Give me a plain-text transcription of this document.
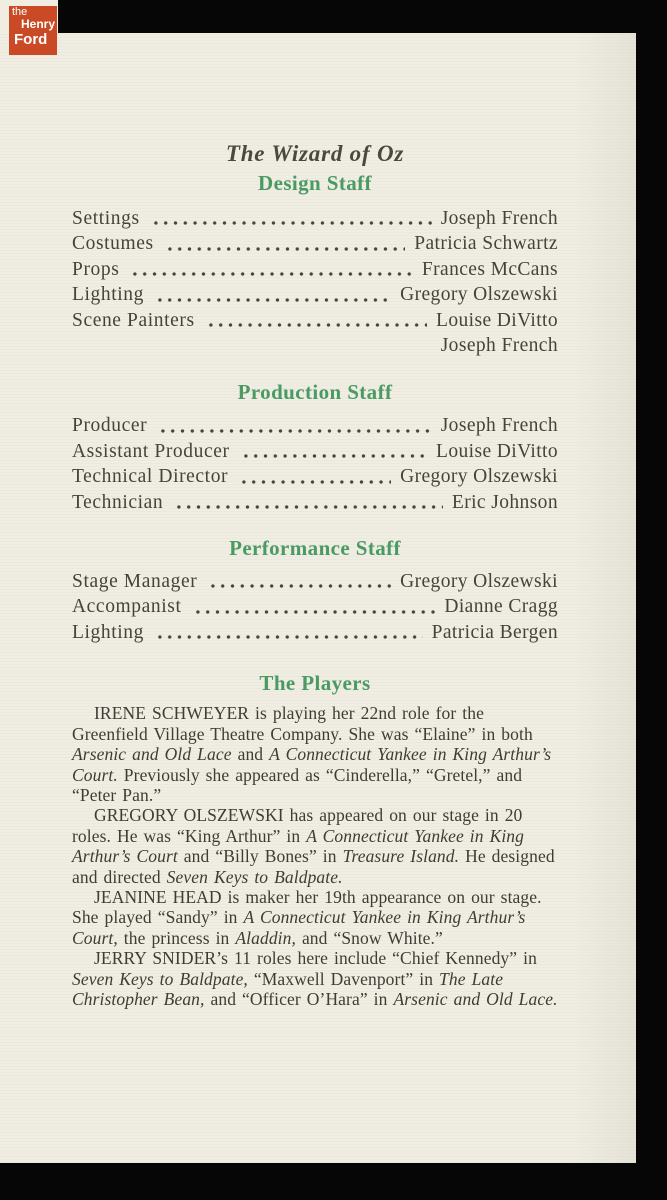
The Wizard of Oz
Design Staff
Settings	Joseph French
Costumes	Patricia Schwartz
Props	Frances McCans
Lighting	Gregory Olszewski
Scene Painters	Louise DiVitto
Joseph French
Production Staff
Producer	Joseph French
Assistant Producer	Louise DiVitto
Technical Director	Gregory Olszewski
Technician	Eric Johnson
Performance Staff
Stage Manager	Gregory Olszewski
Accompanist	Dianne Cragg
Lighting	Patricia Bergen
The Players

IRENE SCHWEYER is playing her 22nd role for the Greenfield Village Theatre Company. She was “Elaine” in both Arsenic and Old Lace and A Connecticut Yankee in King Arthur’s Court. Previously she appeared as “Cinderella,” “Gretel,” and “Peter Pan.”

GREGORY OLSZEWSKI has appeared on our stage in 20 roles. He was “King Arthur” in A Connecticut Yankee in King Arthur’s Court and “Billy Bones” in Treasure Island. He designed and directed Seven Keys to Baldpate.

JEANINE HEAD is maker her 19th appearance on our stage. She played “Sandy” in A Connecticut Yankee in King Arthur’s Court, the princess in Aladdin, and “Snow White.”

JERRY SNIDER’s 11 roles here include “Chief Kennedy” in Seven Keys to Baldpate, “Maxwell Davenport” in The Late Christopher Bean, and “Officer O’Hara” in Arsenic and Old Lace.

the
Henry
Ford
